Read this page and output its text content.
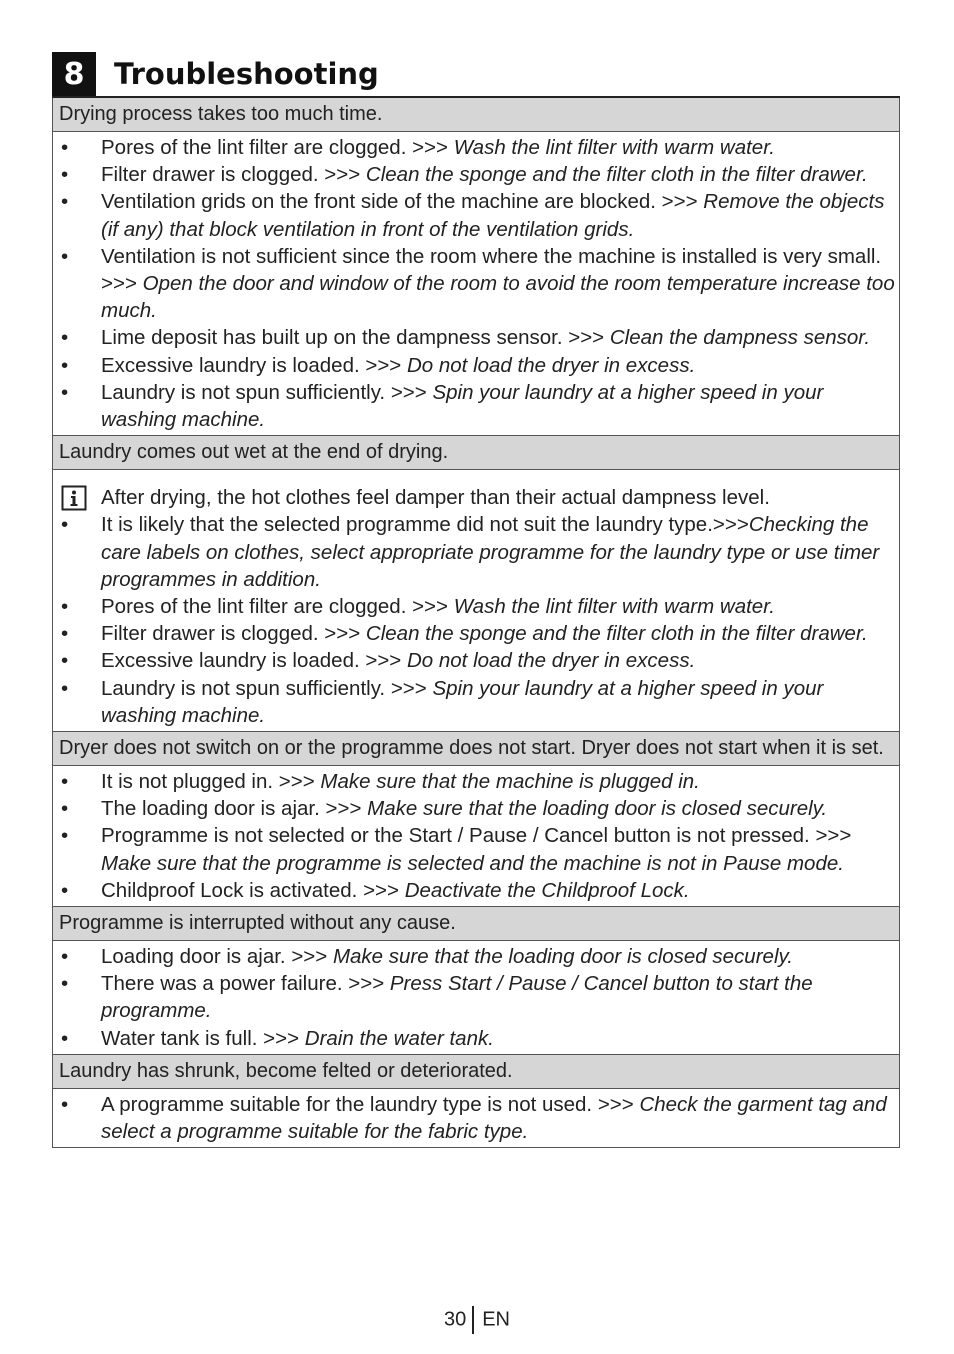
8	Troubleshooting
Drying process takes too much time.
•	Pores of the lint filter are clogged. >>> Wash the lint filter with warm water.
•	Filter drawer is clogged. >>> Clean the sponge and the filter cloth in the filter drawer.
•	Ventilation grids on the front side of the machine are blocked. >>> Remove the objects (if any) that block ventilation in front of the ventilation grids.
•	Ventilation is not sufficient since the room where the machine is installed is very small. >>> Open the door and window of the room to avoid the room temperature increase too much.
•	Lime deposit has built up on the dampness sensor. >>> Clean the dampness sensor.
•	Excessive laundry is loaded. >>> Do not load the dryer in excess.
•	Laundry is not spun sufficiently. >>> Spin your laundry at a higher speed in your washing machine.
Laundry comes out wet at the end of drying.
After drying, the hot clothes feel damper than their actual dampness level.
•	It is likely that the selected programme did not suit the laundry type.>>>Checking the care labels on clothes, select appropriate programme for the laundry type or use timer programmes in addition.
•	Pores of the lint filter are clogged. >>> Wash the lint filter with warm water.
•	Filter drawer is clogged. >>> Clean the sponge and the filter cloth in the filter drawer.
•	Excessive laundry is loaded. >>> Do not load the dryer in excess.
•	Laundry is not spun sufficiently. >>> Spin your laundry at a higher speed in your washing machine.
Dryer does not switch on or the programme does not start. Dryer does not start when it is set.
•	It is not plugged in. >>> Make sure that the machine is plugged in.
•	The loading door is ajar. >>> Make sure that the loading door is closed securely.
•	Programme is not selected or the Start / Pause / Cancel button is not pressed. >>> Make sure that the programme is selected and the machine is not in Pause mode.
•	Childproof Lock is activated. >>> Deactivate the Childproof Lock.
Programme is interrupted without any cause.
•	Loading door is ajar. >>> Make sure that the loading door is closed securely.
•	There was a power failure. >>> Press Start / Pause / Cancel button to start the programme.
•	Water tank is full. >>> Drain the water tank.
Laundry has shrunk, become felted or deteriorated.
•	A programme suitable for the laundry type is not used. >>> Check the garment tag and select a programme suitable for the fabric type.
30 EN
